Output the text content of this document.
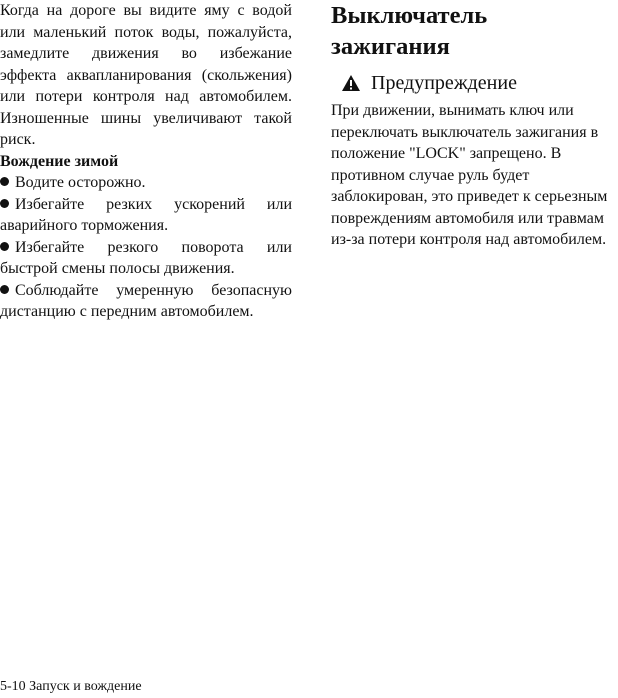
Когда на дороге вы видите яму с водой или маленький поток воды, пожалуйста, замедлите движения во избежание эффекта аквапланирования (скольжения) или потери контроля над автомобилем. Изношенные шины увеличивают такой риск.

Вождение зимой

Водите осторожно.

Избегайте резких ускорений или аварийного торможения.

Избегайте резкого поворота или быстрой смены полосы движения.

Соблюдайте умеренную безопасную дистанцию с передним автомобилем.

Выключатель
зажигания
Предупреждение

При движении, вынимать ключ или переключать выключатель зажигания в положение "LOCK" запрещено. В противном случае руль будет заблокирован, это приведет к серьезным повреждениям автомобиля или травмам из-за потери контроля над автомобилем.

5-10 Запуск и вождение
